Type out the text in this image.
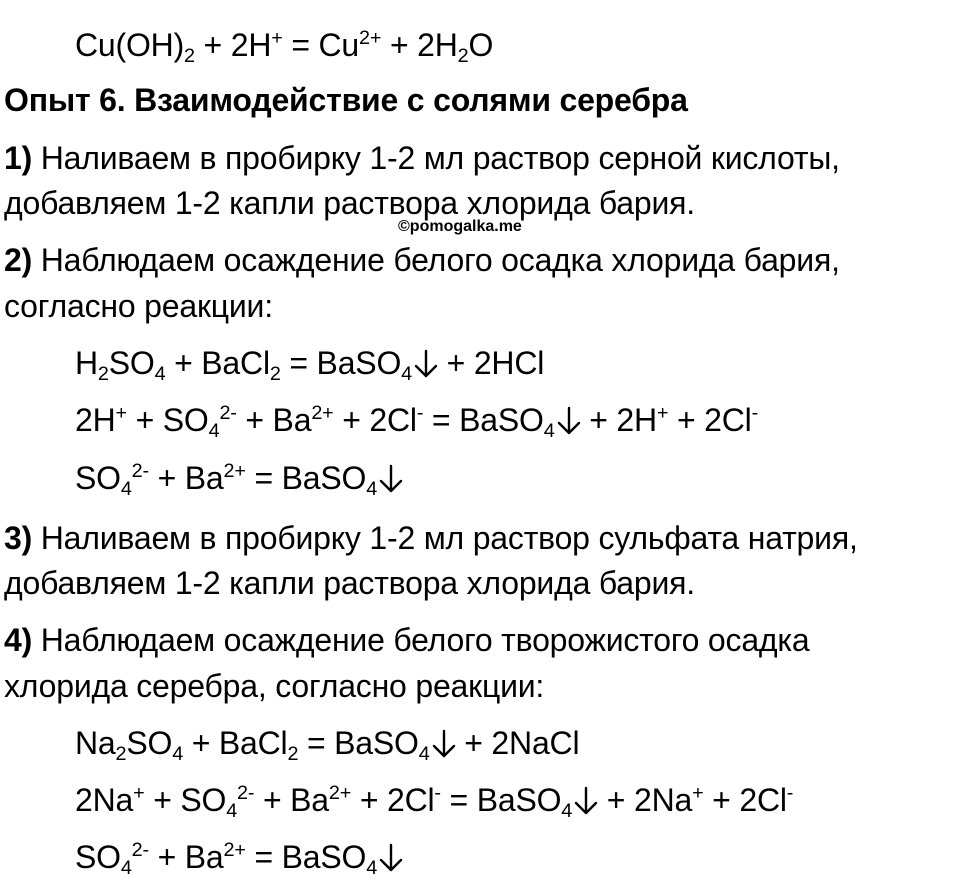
$Cu(OH)_2 + 2H^+ = Cu^{2+} + 2H_2O$
Опыт 6. Взаимодействие с солями серебра
1) Наливаем в пробирку 1-2 мл раствор серной кислоты,
добавляем 1-2 капли раствора хлорида бария.
©pomogalka.me
2) Наблюдаем осаждение белого осадка хлорида бария,
согласно реакции:
$H_2SO_4$ + BaCl$_2$ = BaSO$_4$
+ 2HCl
$2H^+ + SO_4^{2-} + Ba^{2+} + 2Cl^-$ = BaSO$_4$
+ 2H+ + 2Cl-
$SO_4^{2-} + Ba^{2+}$ = BaSO$_4$
3) Наливаем в пробирку 1-2 мл раствор сульфата натрия,
добавляем 1-2 капли раствора хлорида бария.
4) Наблюдаем осаждение белого творожистого осадка
хлорида серебра, согласно реакции:
$Na_2SO_4$ + BaCl$_2$ = BaSO$_4$
+ 2NaCl
$2Na^+ + SO_4^{2-} + Ba^{2+} + 2Cl^-$ = BaSO$_4$
+ 2Na+ + 2Cl-
$SO_4^{2-} + Ba^{2+}$ = BaSO$_4$
